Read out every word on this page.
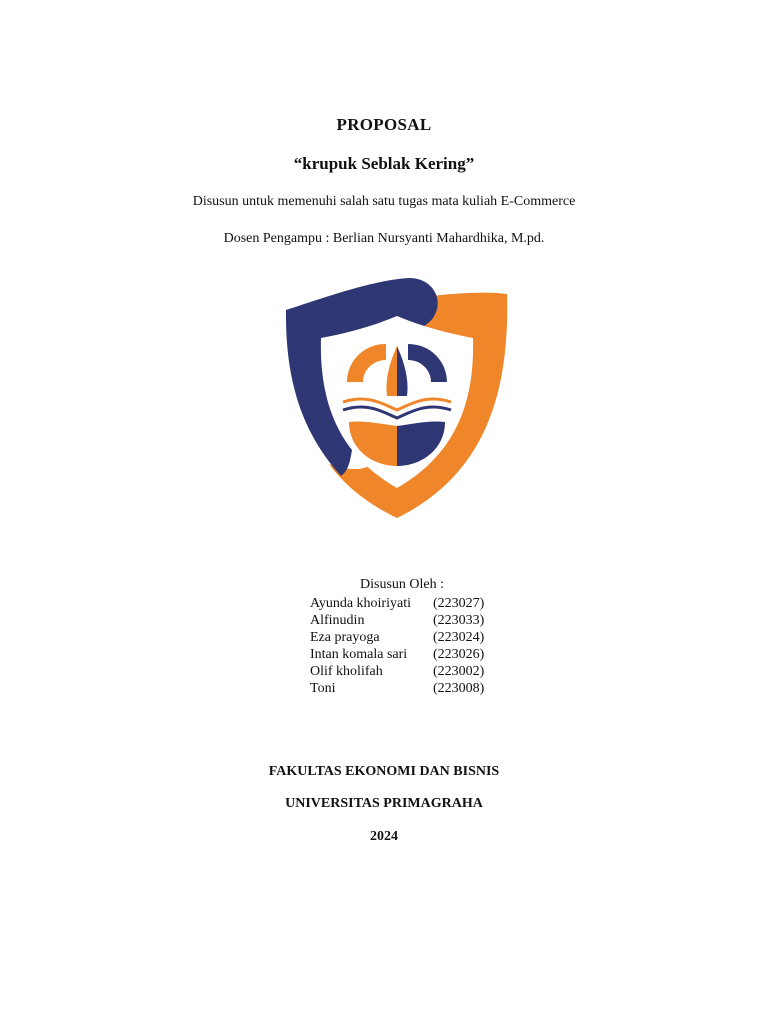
PROPOSAL
“krupuk Seblak Kering”
Disusun untuk memenuhi salah satu tugas mata kuliah E-Commerce
Dosen Pengampu : Berlian Nursyanti Mahardhika, M.pd.
Disusun Oleh :
Ayunda khoiriyati	(223027)
Alfinudin	(223033)
Eza prayoga	(223024)
Intan komala sari	(223026)
Olif kholifah	(223002)
Toni	(223008)
FAKULTAS EKONOMI DAN BISNIS
UNIVERSITAS PRIMAGRAHA
2024
